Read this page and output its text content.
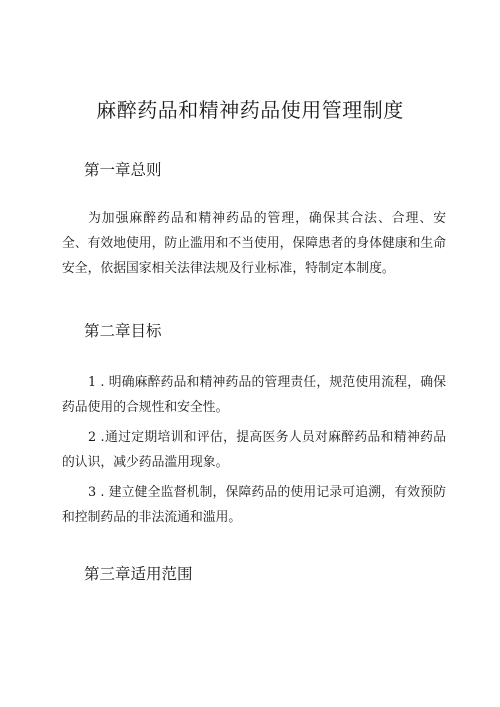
麻醉药品和精神药品使用管理制度
第一章总则

为加强麻醉药品和精神药品的管理，确保其合法、合理、安全、有效地使用，防止滥用和不当使用，保障患者的身体健康和生命安全，依据国家相关法律法规及行业标准，特制定本制度。

第二章目标

1 . 明确麻醉药品和精神药品的管理责任，规范使用流程，确保药品使用的合规性和安全性。

2 .通过定期培训和评估，提高医务人员对麻醉药品和精神药品的认识，减少药品滥用现象。

3 . 建立健全监督机制，保障药品的使用记录可追溯，有效预防和控制药品的非法流通和滥用。

第三章适用范围
